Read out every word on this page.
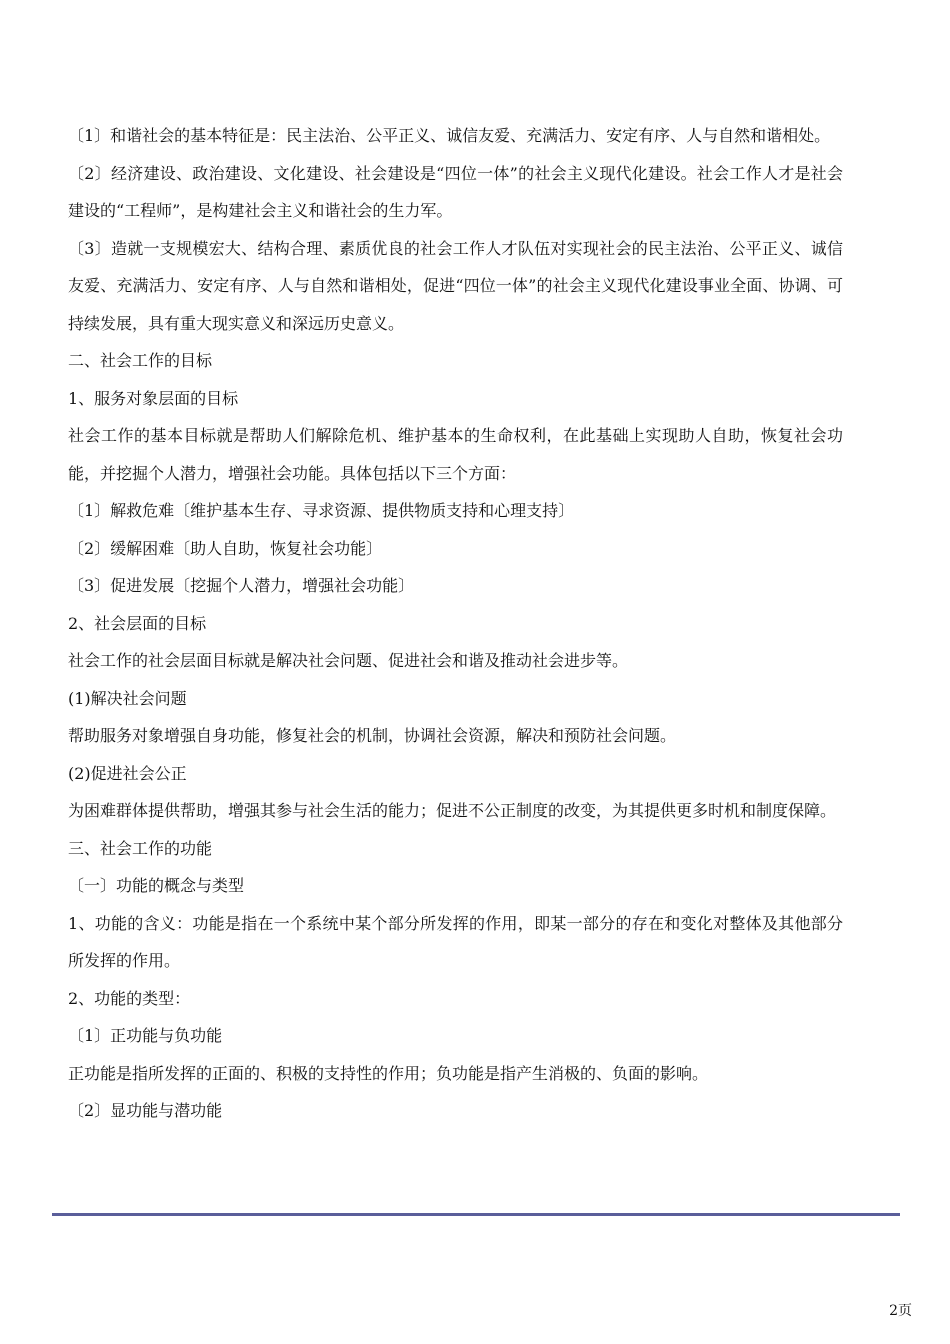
〔1〕和谐社会的基本特征是：民主法治、公平正义、诚信友爱、充满活力、安定有序、人与自然和谐相处。

〔2〕经济建设、政治建设、文化建设、社会建设是“四位一体”的社会主义现代化建设。社会工作人才是社会建设的“工程师”，是构建社会主义和谐社会的生力军。

〔3〕造就一支规模宏大、结构合理、素质优良的社会工作人才队伍对实现社会的民主法治、公平正义、诚信友爱、充满活力、安定有序、人与自然和谐相处，促进“四位一体”的社会主义现代化建设事业全面、协调、可持续发展，具有重大现实意义和深远历史意义。

二、社会工作的目标

1、服务对象层面的目标

社会工作的基本目标就是帮助人们解除危机、维护基本的生命权利，在此基础上实现助人自助，恢复社会功能，并挖掘个人潜力，增强社会功能。具体包括以下三个方面：

〔1〕解救危难〔维护基本生存、寻求资源、提供物质支持和心理支持〕

〔2〕缓解困难〔助人自助，恢复社会功能〕

〔3〕促进发展〔挖掘个人潜力，增强社会功能〕

2、社会层面的目标

社会工作的社会层面目标就是解决社会问题、促进社会和谐及推动社会进步等。

(1)解决社会问题

帮助服务对象增强自身功能，修复社会的机制，协调社会资源，解决和预防社会问题。

(2)促进社会公正

为困难群体提供帮助，增强其参与社会生活的能力；促进不公正制度的改变，为其提供更多时机和制度保障。

三、社会工作的功能

〔一〕功能的概念与类型

1、功能的含义：功能是指在一个系统中某个部分所发挥的作用，即某一部分的存在和变化对整体及其他部分所发挥的作用。

2、功能的类型：

〔1〕正功能与负功能

正功能是指所发挥的正面的、积极的支持性的作用；负功能是指产生消极的、负面的影响。

〔2〕显功能与潜功能

2页
